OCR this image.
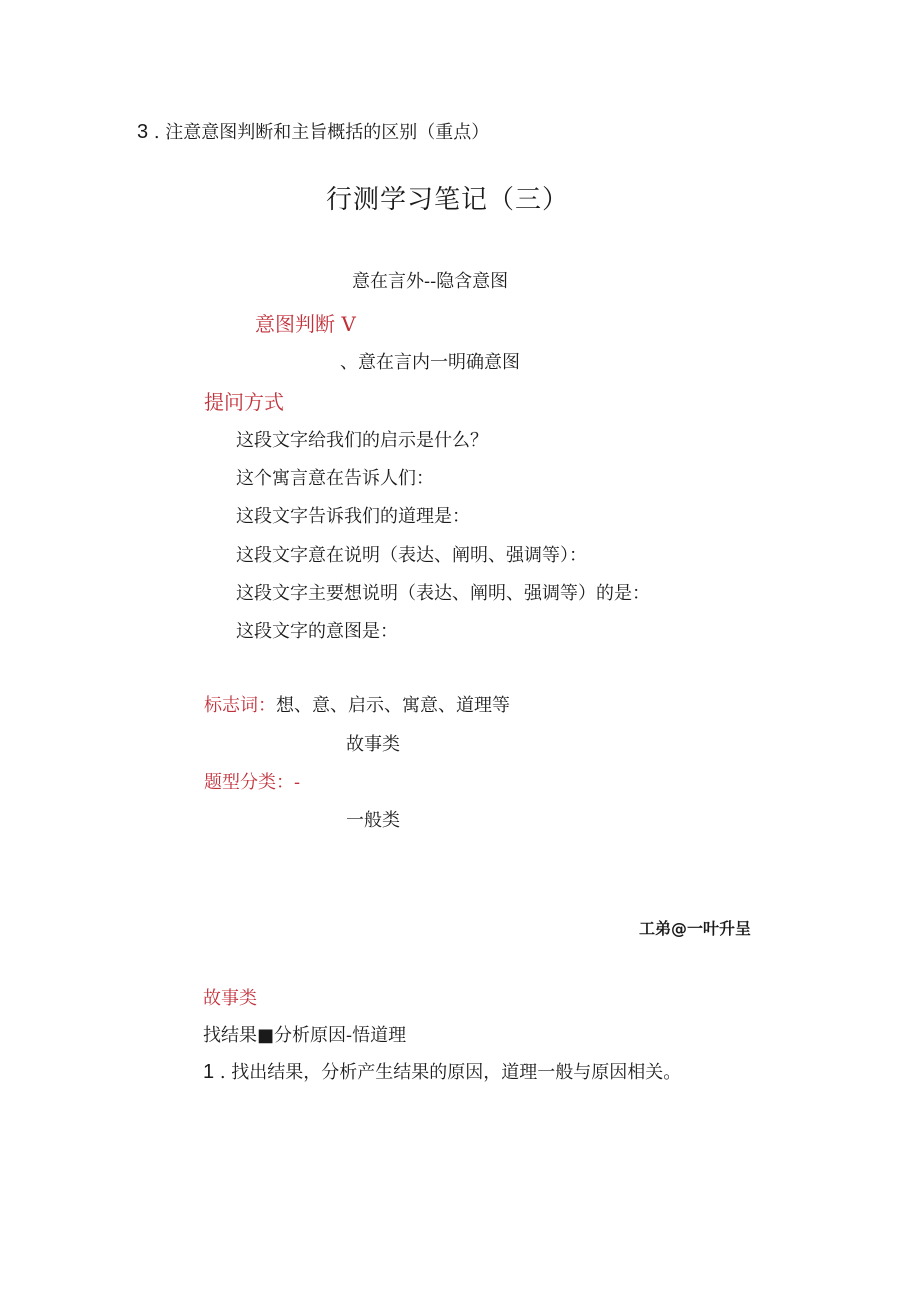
3 . 注意意图判断和主旨概括的区别（重点）
行测学习笔记（三）
意在言外--隐含意图
意图判断 V
、意在言内一明确意图
提问方式
这段文字给我们的启示是什么？
这个寓言意在告诉人们：
这段文字告诉我们的道理是：
这段文字意在说明（表达、阐明、强调等）：
这段文字主要想说明（表达、阐明、强调等）的是：
这段文字的意图是：
标志词：想、意、启示、寓意、道理等
故事类
题型分类：-
一般类
工弟@一叶升呈
故事类
找结果■分析原因-悟道理
1 . 找出结果，分析产生结果的原因，道理一般与原因相关。
